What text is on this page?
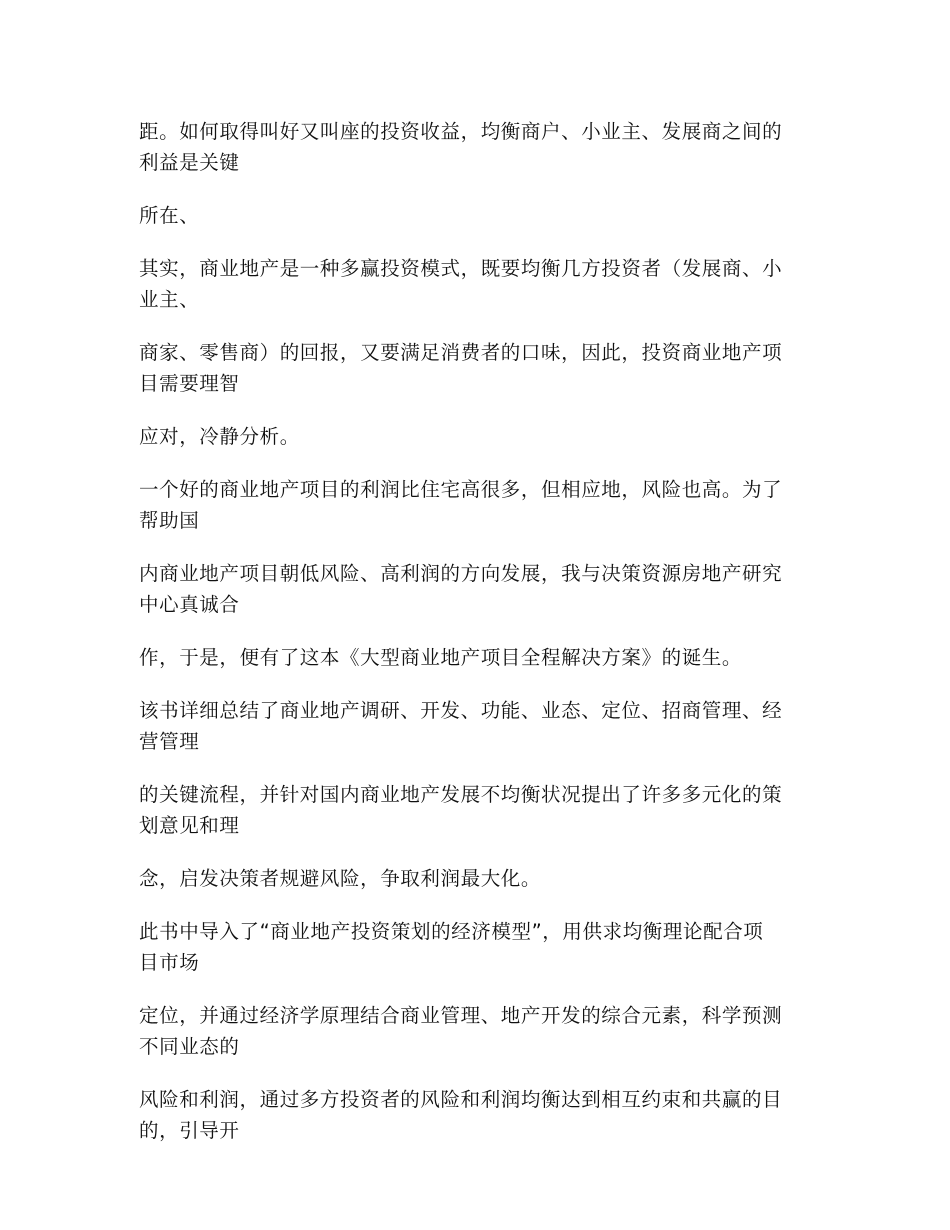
距。如何取得叫好又叫座的投资收益，均衡商户、小业主、发展商之间的
利益是关键

所在、

其实，商业地产是一种多赢投资模式，既要均衡几方投资者（发展商、小
业主、

商家、零售商）的回报，又要满足消费者的口味，因此，投资商业地产项
目需要理智

应对，冷静分析。

一个好的商业地产项目的利润比住宅高很多，但相应地，风险也高。为了
帮助国

内商业地产项目朝低风险、高利润的方向发展，我与决策资源房地产研究
中心真诚合

作，于是，便有了这本《大型商业地产项目全程解决方案》的诞生。

该书详细总结了商业地产调研、开发、功能、业态、定位、招商管理、经
营管理

的关键流程，并针对国内商业地产发展不均衡状况提出了许多多元化的策
划意见和理

念，启发决策者规避风险，争取利润最大化。

此书中导入了“商业地产投资策划的经济模型”，用供求均衡理论配合项
目市场

定位，并通过经济学原理结合商业管理、地产开发的综合元素，科学预测
不同业态的

风险和利润，通过多方投资者的风险和利润均衡达到相互约束和共赢的目
的，引导开
